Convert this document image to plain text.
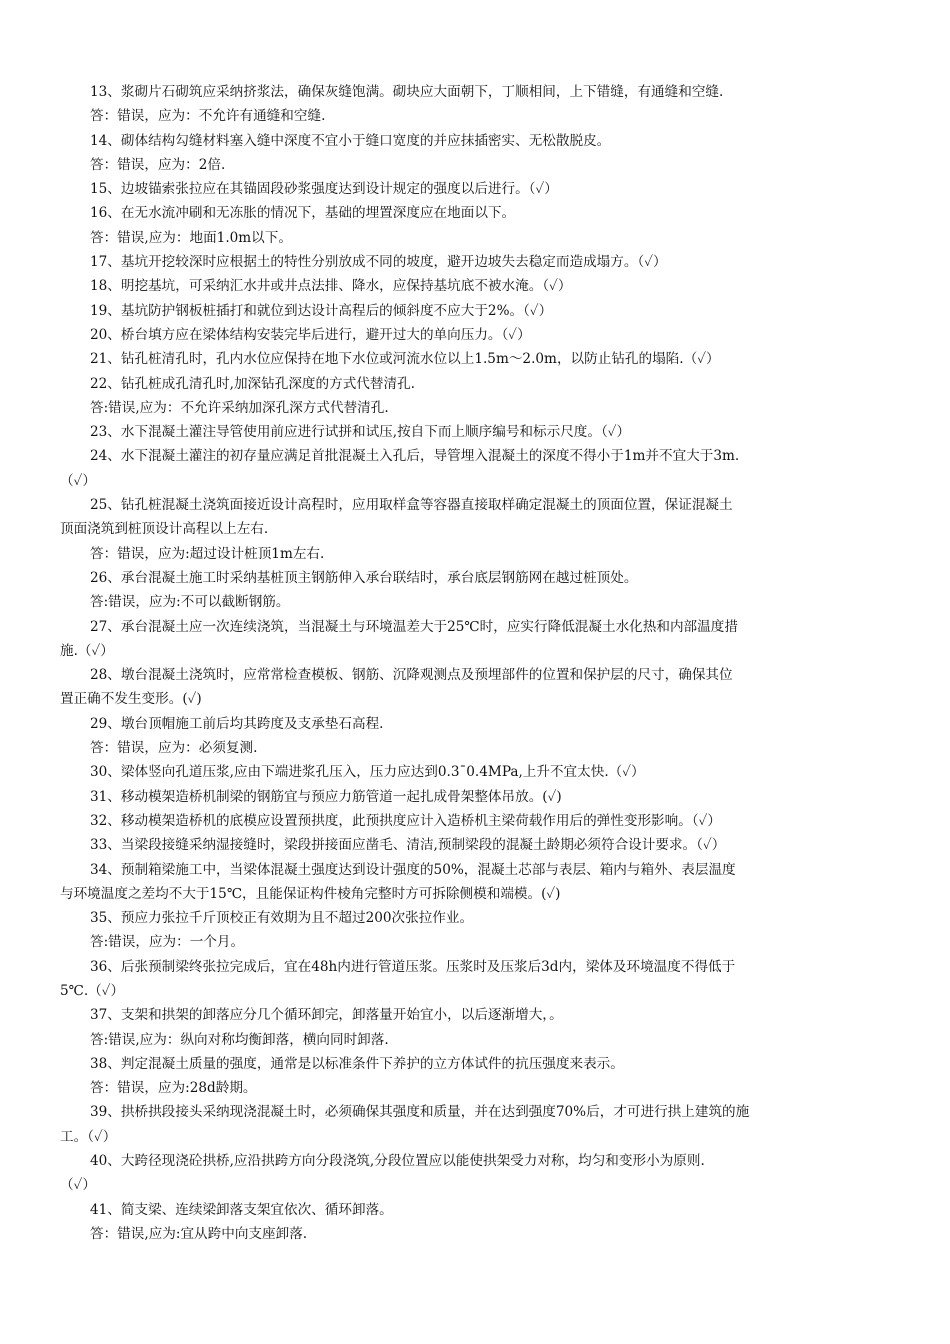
13、浆砌片石砌筑应采纳挤浆法，确保灰缝饱满。砌块应大面朝下，丁顺相间，上下错缝，有通缝和空缝.
答：错误，应为：不允许有通缝和空缝.
14、砌体结构勾缝材料塞入缝中深度不宜小于缝口宽度的并应抹插密实、无松散脱皮。
答：错误，应为：2倍.
15、边坡锚索张拉应在其锚固段砂浆强度达到设计规定的强度以后进行。（✓）
16、在无水流冲刷和无冻胀的情况下，基础的埋置深度应在地面以下。
答：错误,应为：地面1.0m以下。
17、基坑开挖较深时应根据土的特性分别放成不同的坡度，避开边坡失去稳定而造成塌方。（✓）
18、明挖基坑，可采纳汇水井或井点法排、降水，应保持基坑底不被水淹。（✓）
19、基坑防护钢板桩插打和就位到达设计高程后的倾斜度不应大于2%。（✓）
20、桥台填方应在梁体结构安装完毕后进行，避开过大的单向压力。（✓）
21、钻孔桩清孔时，孔内水位应保持在地下水位或河流水位以上1.5m～2.0m，以防止钻孔的塌陷.（✓）
22、钻孔桩成孔清孔时,加深钻孔深度的方式代替清孔.
答:错误,应为：不允许采纳加深孔深方式代替清孔.
23、水下混凝土灌注导管使用前应进行试拼和试压,按自下而上顺序编号和标示尺度。（✓）
24、水下混凝土灌注的初存量应满足首批混凝土入孔后，导管埋入混凝土的深度不得小于1m并不宜大于3m.
（✓）
25、钻孔桩混凝土浇筑面接近设计高程时，应用取样盒等容器直接取样确定混凝土的顶面位置，保证混凝土
顶面浇筑到桩顶设计高程以上左右.
答：错误，应为:超过设计桩顶1m左右.
26、承台混凝土施工时采纳基桩顶主钢筋伸入承台联结时，承台底层钢筋网在越过桩顶处。
答:错误，应为:不可以截断钢筋。
27、承台混凝土应一次连续浇筑，当混凝土与环境温差大于25℃时，应实行降低混凝土水化热和内部温度措
施.（✓）
28、墩台混凝土浇筑时，应常常检查模板、钢筋、沉降观测点及预埋部件的位置和保护层的尺寸，确保其位
置正确不发生变形。(✓)
29、墩台顶帽施工前后均其跨度及支承垫石高程.
答：错误，应为：必须复测.
30、梁体竖向孔道压浆,应由下端进浆孔压入，压力应达到0.3¯0.4MPa,上升不宜太快.（✓）
31、移动模架造桥机制梁的钢筋宜与预应力筋管道一起扎成骨架整体吊放。(✓)
32、移动模架造桥机的底模应设置预拱度，此预拱度应计入造桥机主梁荷载作用后的弹性变形影响。（✓）
33、当梁段接缝采纳湿接缝时，梁段拼接面应凿毛、清洁,预制梁段的混凝土龄期必须符合设计要求。（✓）
34、预制箱梁施工中，当梁体混凝土强度达到设计强度的50%，混凝土芯部与表层、箱内与箱外、表层温度
与环境温度之差均不大于15℃，且能保证构件棱角完整时方可拆除侧模和端模。(✓)
35、预应力张拉千斤顶校正有效期为且不超过200次张拉作业。
答:错误，应为：一个月。
36、后张预制梁终张拉完成后，宜在48h内进行管道压浆。压浆时及压浆后3d内，梁体及环境温度不得低于
5℃.（✓）
37、支架和拱架的卸落应分几个循环卸完，卸落量开始宜小，以后逐渐增大，。
答:错误,应为：纵向对称均衡卸落，横向同时卸落.
38、判定混凝土质量的强度，通常是以标准条件下养护的立方体试件的抗压强度来表示。
答：错误，应为:28d龄期。
39、拱桥拱段接头采纳现浇混凝土时，必须确保其强度和质量，并在达到强度70%后，才可进行拱上建筑的施
工。（✓）
40、大跨径现浇砼拱桥,应沿拱跨方向分段浇筑,分段位置应以能使拱架受力对称，均匀和变形小为原则.
（✓）
41、简支梁、连续梁卸落支架宜依次、循环卸落。
答：错误,应为:宜从跨中向支座卸落.
